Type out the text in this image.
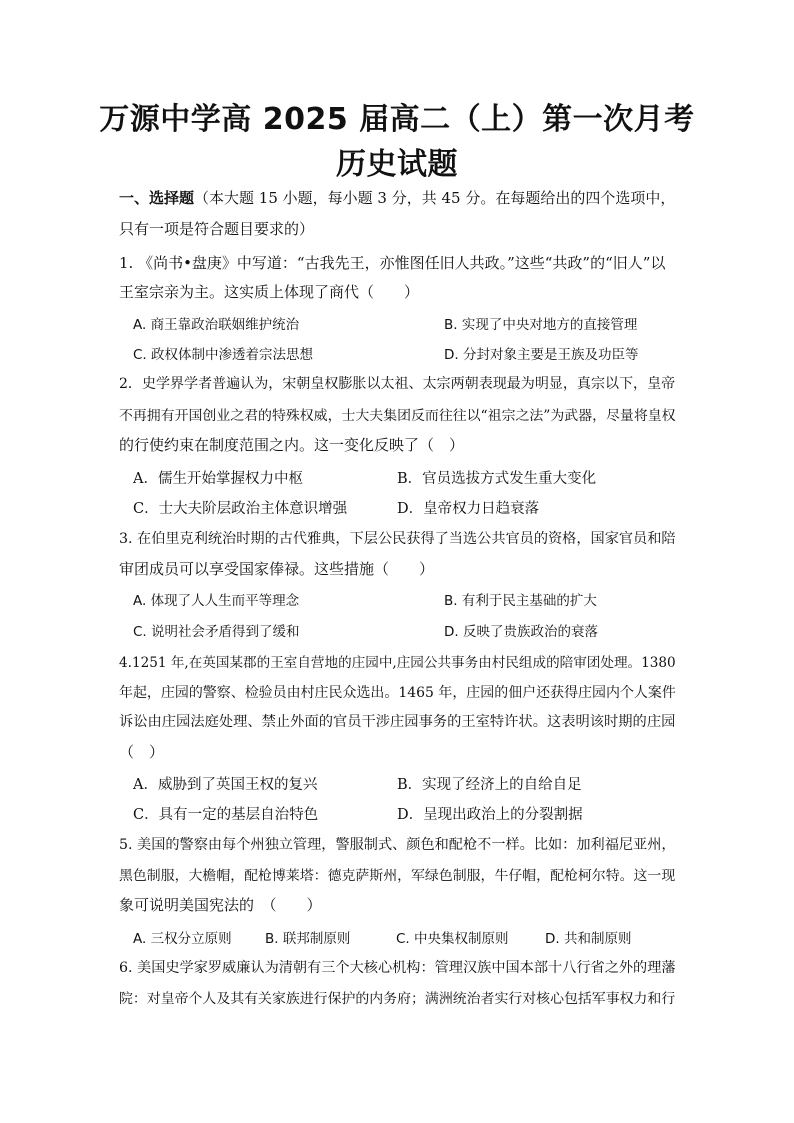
万源中学高 2025 届高二（上）第一次月考
历史试题
一、选择题（本大题 15 小题，每小题 3 分，共 45 分。在每题给出的四个选项中，
只有一项是符合题目要求的）
1. 《尚书•盘庚》中写道：“古我先王，亦惟图任旧人共政。”这些“共政”的“旧人”以
王室宗亲为主。这实质上体现了商代（　　）
A. 商王靠政治联姻维护统治	B. 实现了中央对地方的直接管理
C. 政权体制中渗透着宗法思想	D. 分封对象主要是王族及功臣等
2．史学界学者普遍认为，宋朝皇权膨胀以太祖、太宗两朝表现最为明显，真宗以下，皇帝
不再拥有开国创业之君的特殊权威，士大夫集团反而往往以“祖宗之法”为武器，尽量将皇权
的行使约束在制度范围之内。这一变化反映了（　）
A．儒生开始掌握权力中枢	B．官员选拔方式发生重大变化
C．士大夫阶层政治主体意识增强	D．皇帝权力日趋衰落
3. 在伯里克利统治时期的古代雅典，下层公民获得了当选公共官员的资格，国家官员和陪
审团成员可以享受国家俸禄。这些措施（　　）
A. 体现了人人生而平等理念	B. 有利于民主基础的扩大
C. 说明社会矛盾得到了缓和	D. 反映了贵族政治的衰落
4.1251 年,在英国某郡的王室自营地的庄园中,庄园公共事务由村民组成的陪审团处理。1380
年起，庄园的警察、检验员由村庄民众选出。1465 年，庄园的佃户还获得庄园内个人案件
诉讼由庄园法庭处理、禁止外面的官员干涉庄园事务的王室特许状。这表明该时期的庄园
（　）
A．威胁到了英国王权的复兴	B．实现了经济上的自给自足
C．具有一定的基层自治特色	D．呈现出政治上的分裂割据
5. 美国的警察由每个州独立管理，警服制式、颜色和配枪不一样。比如：加利福尼亚州，
黑色制服，大檐帽，配枪博莱塔：德克萨斯州，军绿色制服，牛仔帽，配枪柯尔特。这一现
象可说明美国宪法的　（　　）
A. 三权分立原则 B. 联邦制原则	C. 中央集权制原则	D. 共和制原则
6. 美国史学家罗威廉认为清朝有三个大核心机构：管理汉族中国本部十八行省之外的理藩
院：对皇帝个人及其有关家族进行保护的内务府；满洲统治者实行对核心包括军事权力和行
